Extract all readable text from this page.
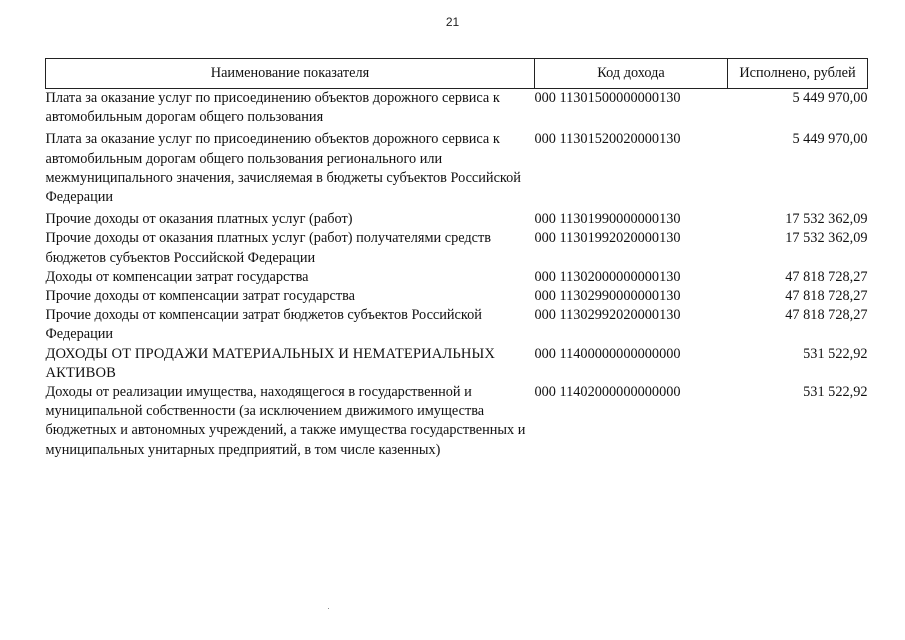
21
Наименование показателя	Код дохода	Исполнено, рублей
Плата за оказание услуг по присоединению объектов дорожного сервиса к автомобильным дорогам общего пользования	000 11301500000000130	5 449 970,00
Плата за оказание услуг по присоединению объектов дорожного сервиса к автомобильным дорогам общего пользования регионального или межмуниципального значения, зачисляемая в бюджеты субъектов Российской Федерации	000 11301520020000130	5 449 970,00
Прочие доходы от оказания платных услуг (работ)	000 11301990000000130	17 532 362,09
Прочие доходы от оказания платных услуг (работ) получателями средств бюджетов субъектов Российской Федерации	000 11301992020000130	17 532 362,09
Доходы от компенсации затрат государства	000 11302000000000130	47 818 728,27
Прочие доходы от компенсации затрат государства	000 11302990000000130	47 818 728,27
Прочие доходы от компенсации затрат бюджетов субъектов Российской Федерации	000 11302992020000130	47 818 728,27
ДОХОДЫ ОТ ПРОДАЖИ МАТЕРИАЛЬНЫХ И НЕМАТЕРИАЛЬНЫХ АКТИВОВ	000 11400000000000000	531 522,92
Доходы от реализации имущества, находящегося в государственной и муниципальной собственности (за исключением движимого имущества бюджетных и автономных учреждений, а также имущества государственных и муниципальных унитарных предприятий, в том числе казенных)	000 11402000000000000	531 522,92
